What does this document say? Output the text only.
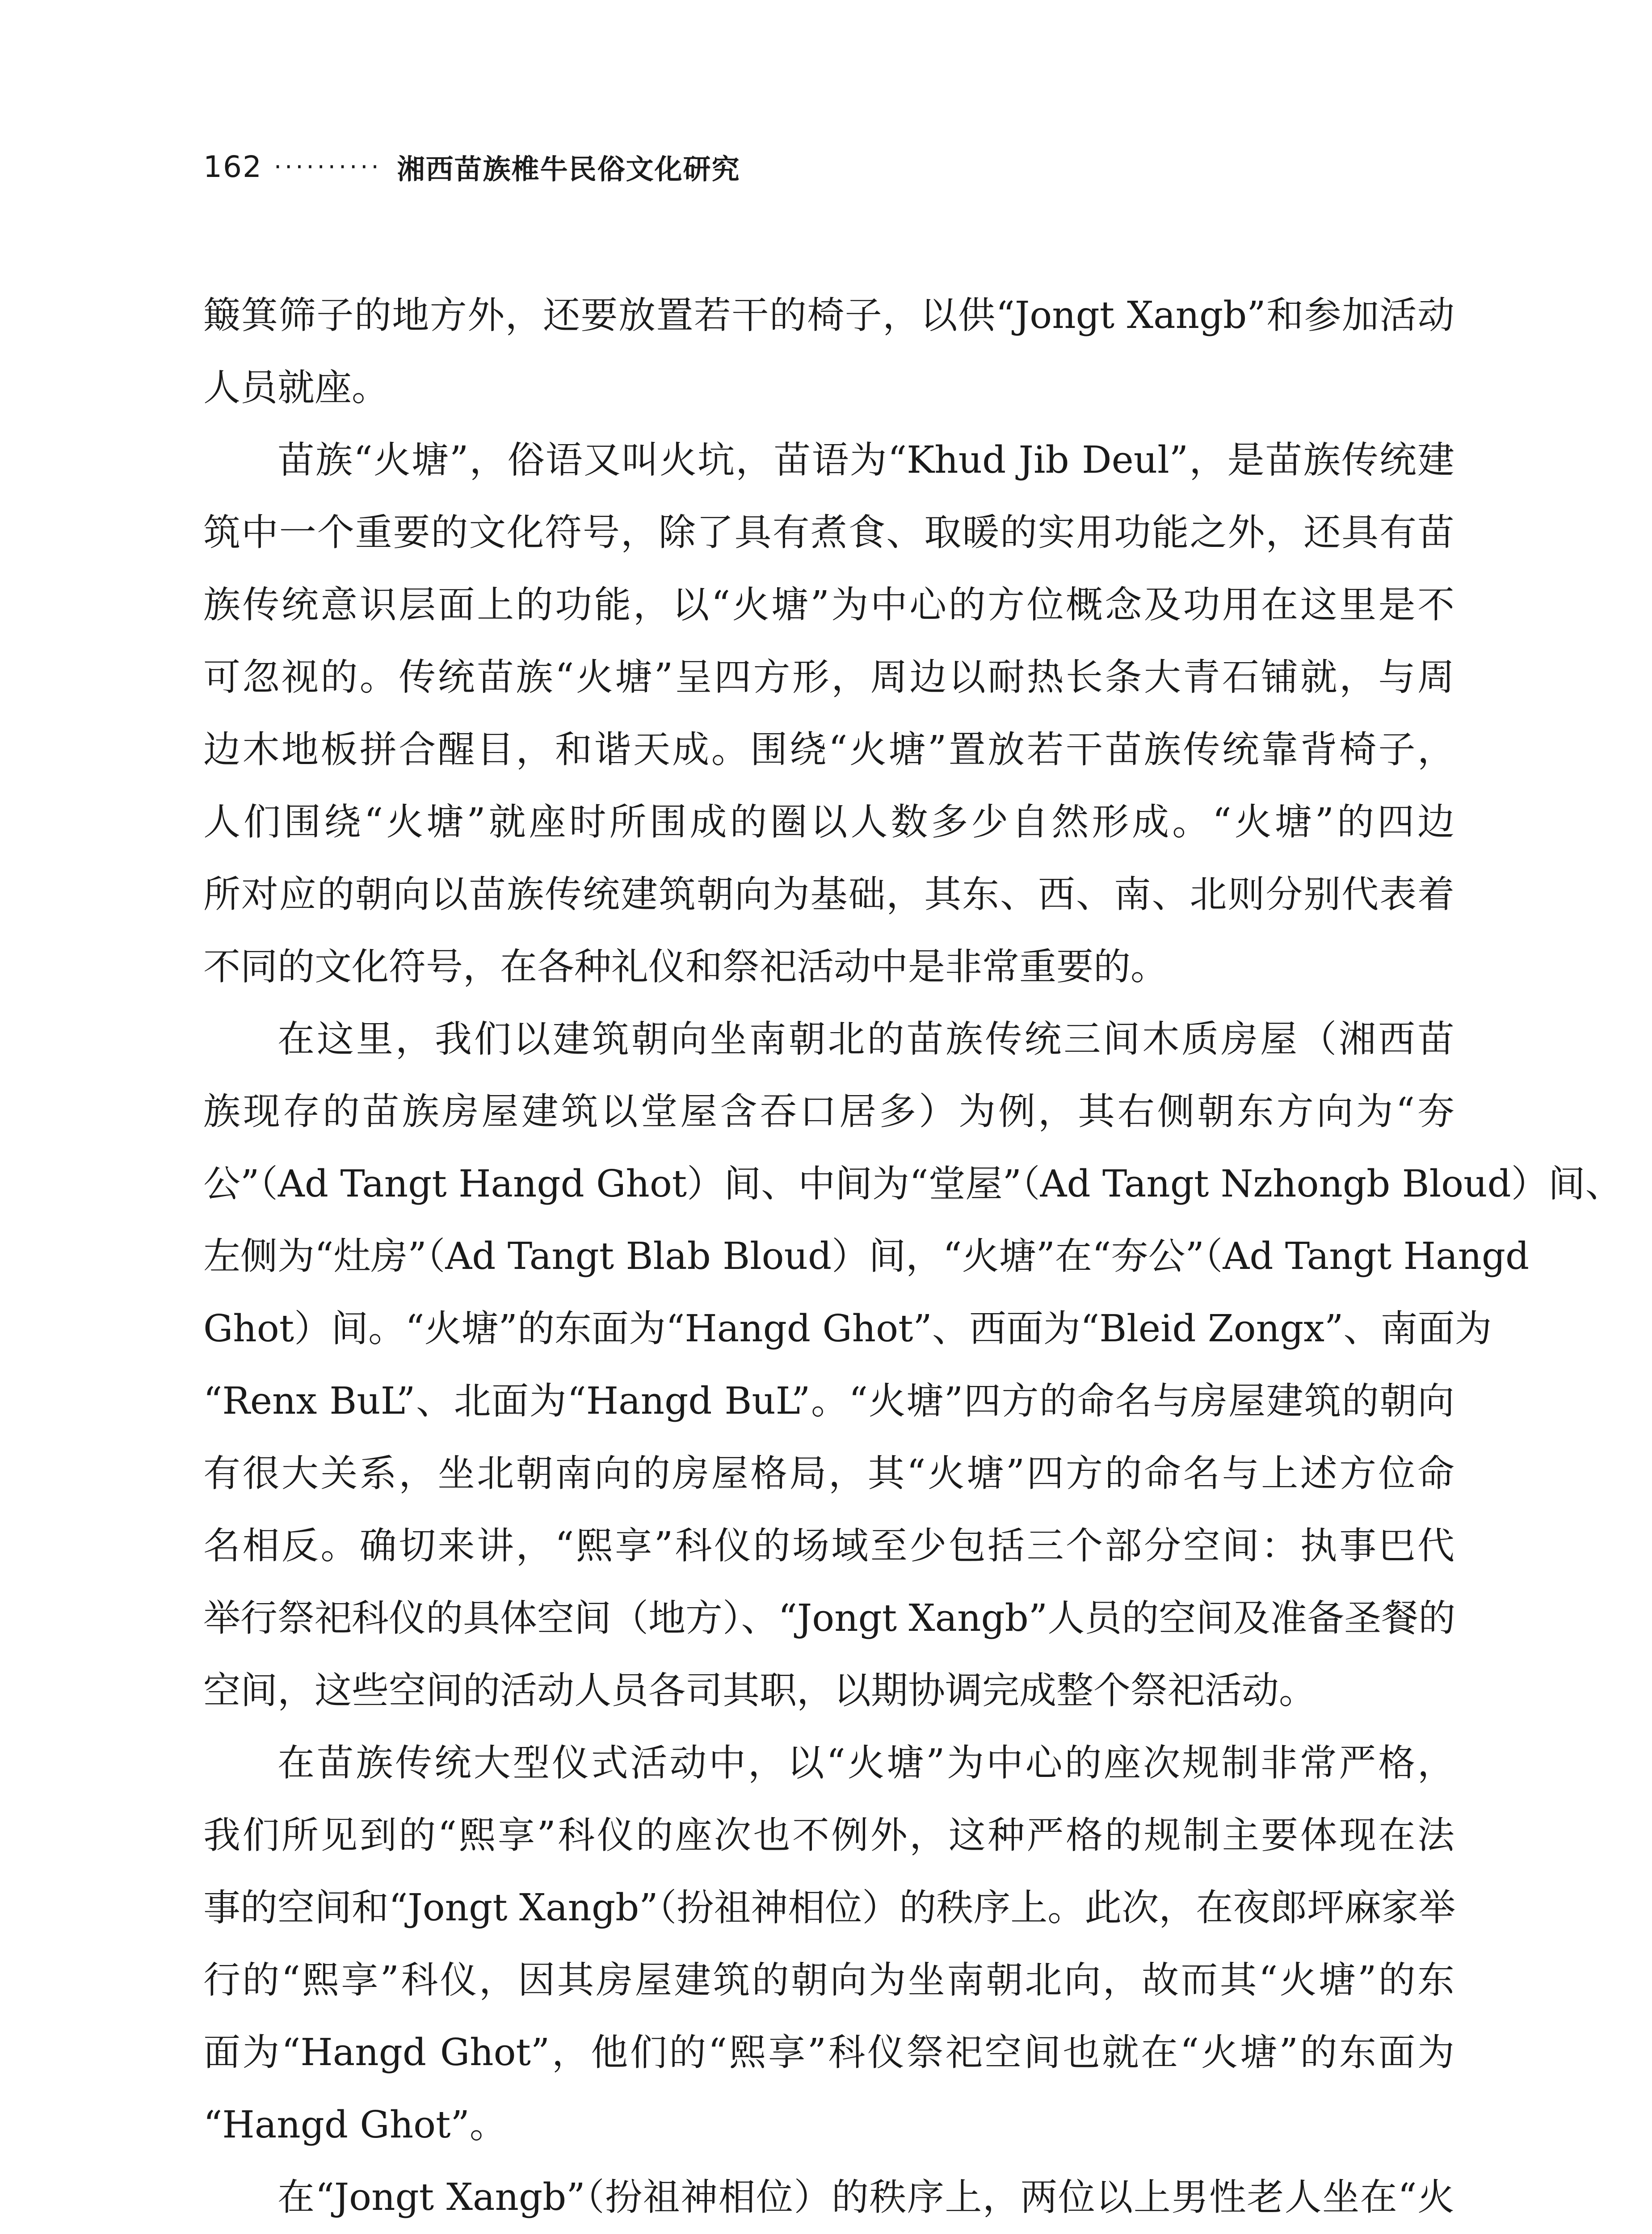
162 ·········· 湘西苗族椎牛民俗文化研究
簸箕筛子的地方外，还要放置若干的椅子，以供“Jongt Xangb”和参加活动
人员就座。
苗族“火塘”，俗语又叫火坑，苗语为“Khud Jib Deul”，是苗族传统建
筑中一个重要的文化符号，除了具有煮食、取暖的实用功能之外，还具有苗
族传统意识层面上的功能，以“火塘”为中心的方位概念及功用在这里是不
可忽视的。传统苗族“火塘”呈四方形，周边以耐热长条大青石铺就，与周
边木地板拼合醒目，和谐天成。围绕“火塘”置放若干苗族传统靠背椅子，
人们围绕“火塘”就座时所围成的圈以人数多少自然形成。“火塘”的四边
所对应的朝向以苗族传统建筑朝向为基础，其东、西、南、北则分别代表着
不同的文化符号，在各种礼仪和祭祀活动中是非常重要的。
在这里，我们以建筑朝向坐南朝北的苗族传统三间木质房屋（湘西苗
族现存的苗族房屋建筑以堂屋含吞口居多）为例，其右侧朝东方向为“夯
公”（Ad Tangt Hangd Ghot）间、中间为“堂屋”（Ad Tangt Nzhongb Bloud）间、
左侧为“灶房”（Ad Tangt Blab Bloud）间，“火塘”在“夯公”（Ad Tangt Hangd
Ghot）间。“火塘”的东面为“Hangd Ghot”、西面为“Bleid Zongx”、南面为
“Renx BuL”、北面为“Hangd BuL”。“火塘”四方的命名与房屋建筑的朝向
有很大关系，坐北朝南向的房屋格局，其“火塘”四方的命名与上述方位命
名相反。确切来讲，“熙享”科仪的场域至少包括三个部分空间：执事巴代
举行祭祀科仪的具体空间（地方）、“Jongt Xangb”人员的空间及准备圣餐的
空间，这些空间的活动人员各司其职，以期协调完成整个祭祀活动。
在苗族传统大型仪式活动中，以“火塘”为中心的座次规制非常严格，
我们所见到的“熙享”科仪的座次也不例外，这种严格的规制主要体现在法
事的空间和“Jongt Xangb”（扮祖神相位）的秩序上。此次，在夜郎坪麻家举
行的“熙享”科仪，因其房屋建筑的朝向为坐南朝北向，故而其“火塘”的东
面为“Hangd Ghot”，他们的“熙享”科仪祭祀空间也就在“火塘”的东面为
“Hangd Ghot”。
在“Jongt Xangb”（扮祖神相位）的秩序上，两位以上男性老人坐在“火
